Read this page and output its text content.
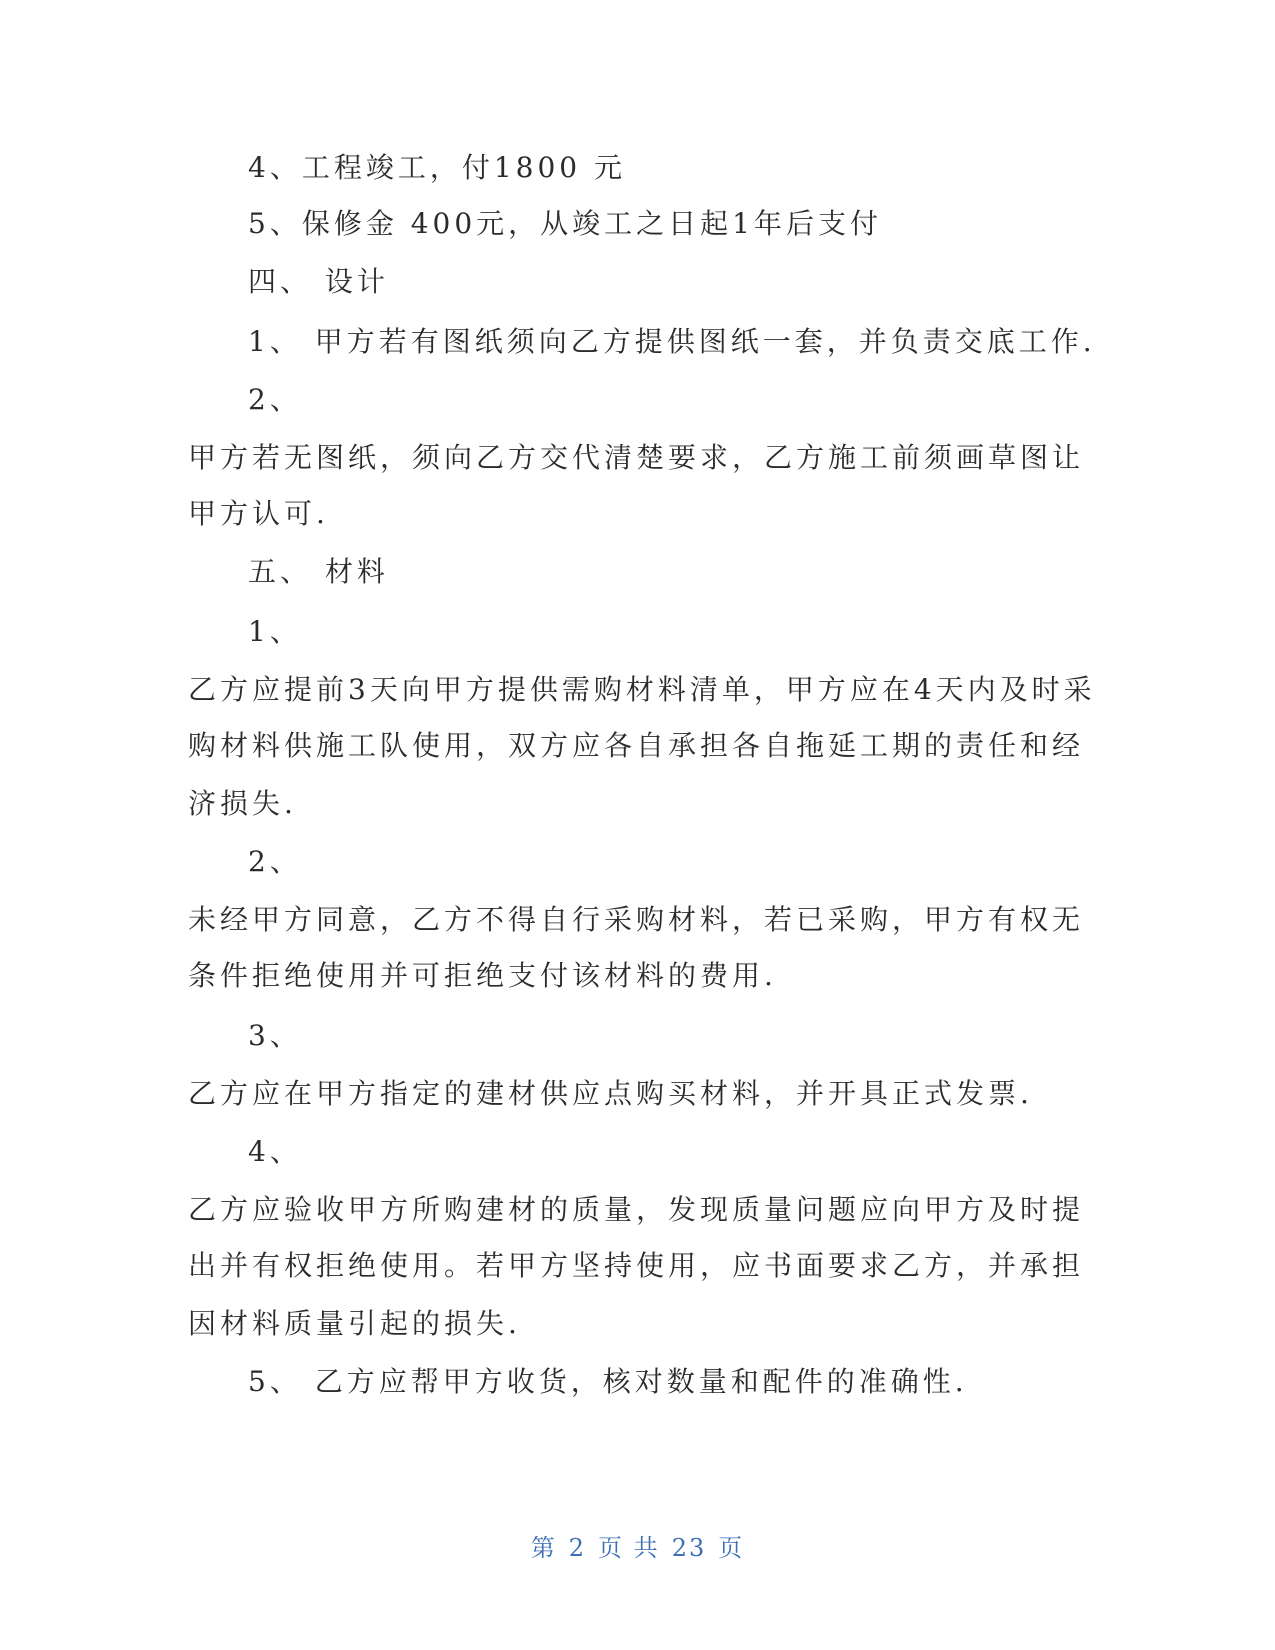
4、工程竣工，付1800 元
5、保修金 400元，从竣工之日起1年后支付
四、 设计
1、 甲方若有图纸须向乙方提供图纸一套，并负责交底工作.
2、
甲方若无图纸，须向乙方交代清楚要求，乙方施工前须画草图让
甲方认可.
五、 材料
1、
乙方应提前3天向甲方提供需购材料清单，甲方应在4天内及时采
购材料供施工队使用，双方应各自承担各自拖延工期的责任和经
济损失.
2、
未经甲方同意，乙方不得自行采购材料，若已采购，甲方有权无
条件拒绝使用并可拒绝支付该材料的费用.
3、
乙方应在甲方指定的建材供应点购买材料，并开具正式发票.
4、
乙方应验收甲方所购建材的质量，发现质量问题应向甲方及时提
出并有权拒绝使用。若甲方坚持使用，应书面要求乙方，并承担
因材料质量引起的损失.
5、 乙方应帮甲方收货，核对数量和配件的准确性.
第 2 页 共 23 页
